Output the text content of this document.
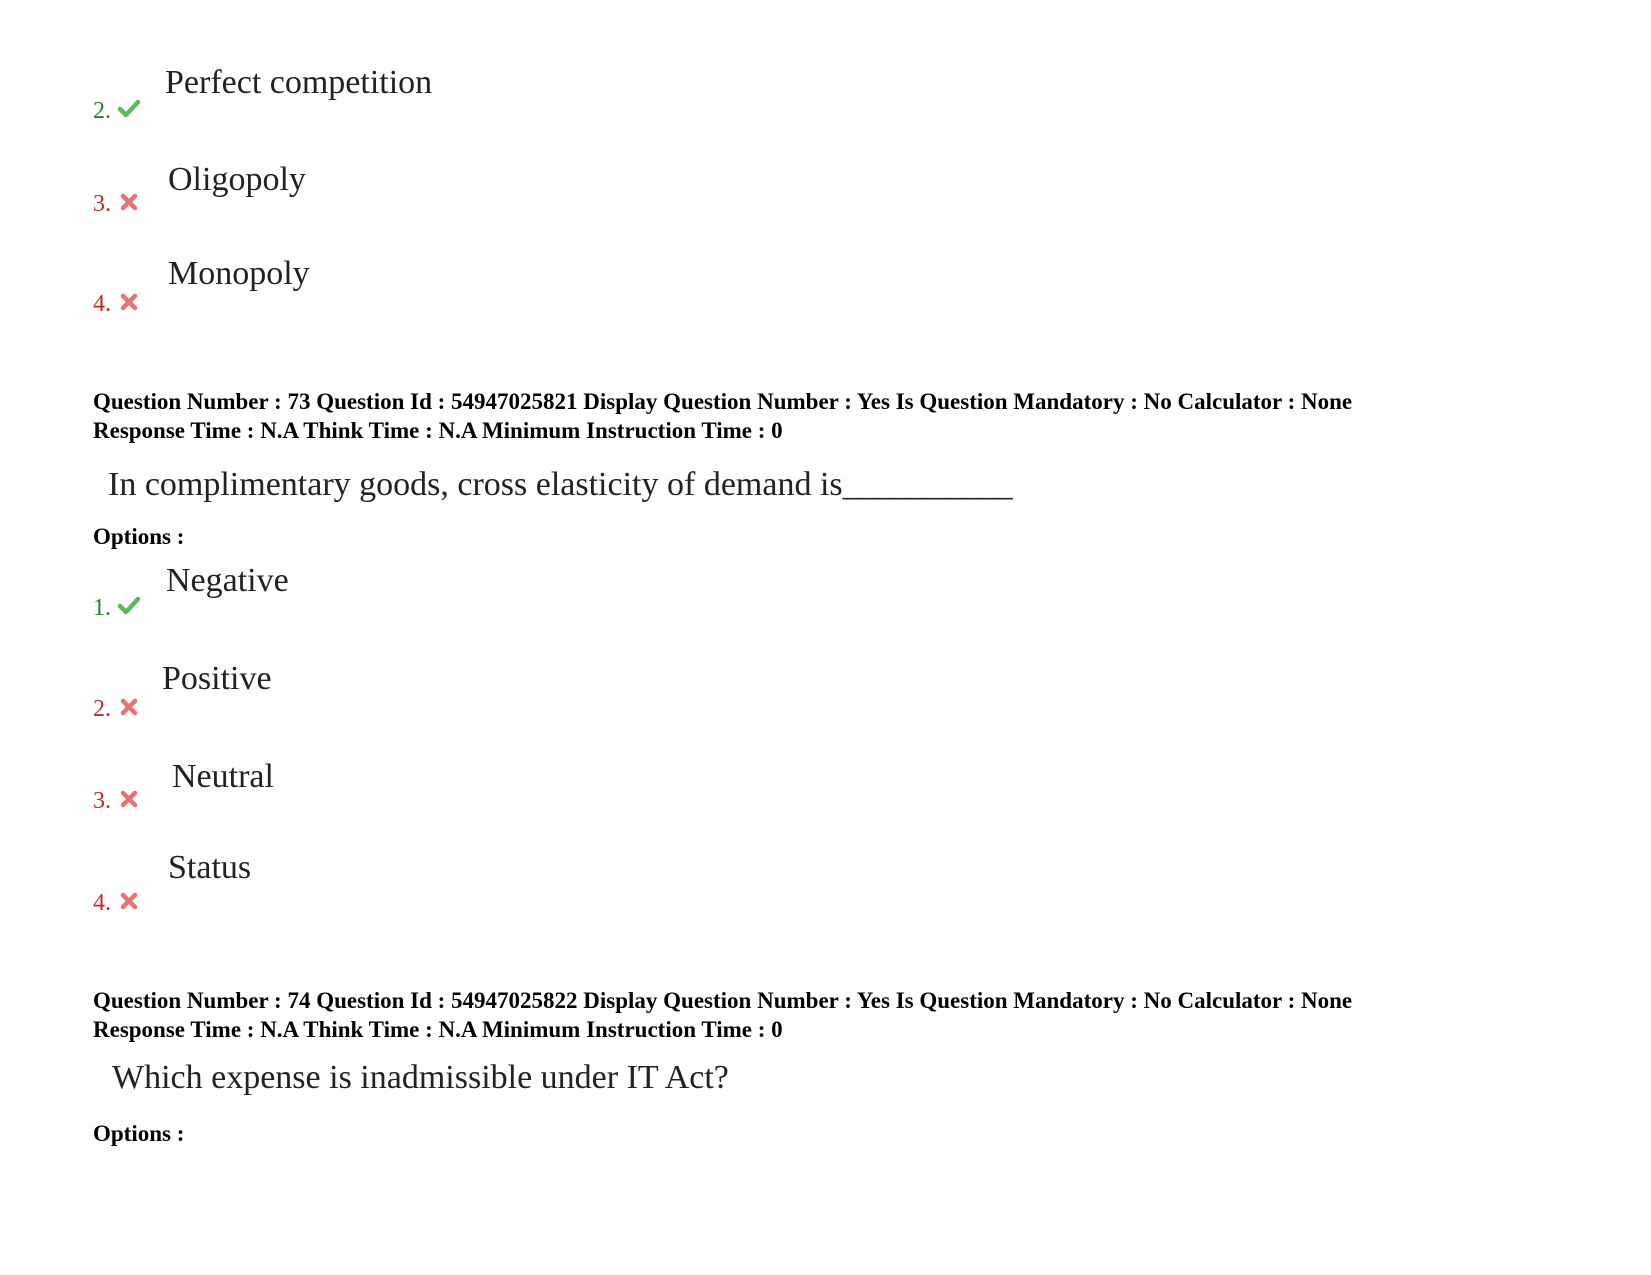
2.
Perfect competition
3.
Oligopoly
4.
Monopoly
Question Number : 73 Question Id : 54947025821 Display Question Number : Yes Is Question Mandatory : No Calculator : None
Response Time : N.A Think Time : N.A Minimum Instruction Time : 0
In complimentary goods, cross elasticity of demand is__________
Options :
1.
Negative
2.
Positive
3.
Neutral
4.
Status
Question Number : 74 Question Id : 54947025822 Display Question Number : Yes Is Question Mandatory : No Calculator : None
Response Time : N.A Think Time : N.A Minimum Instruction Time : 0
Which expense is inadmissible under IT Act?
Options :
